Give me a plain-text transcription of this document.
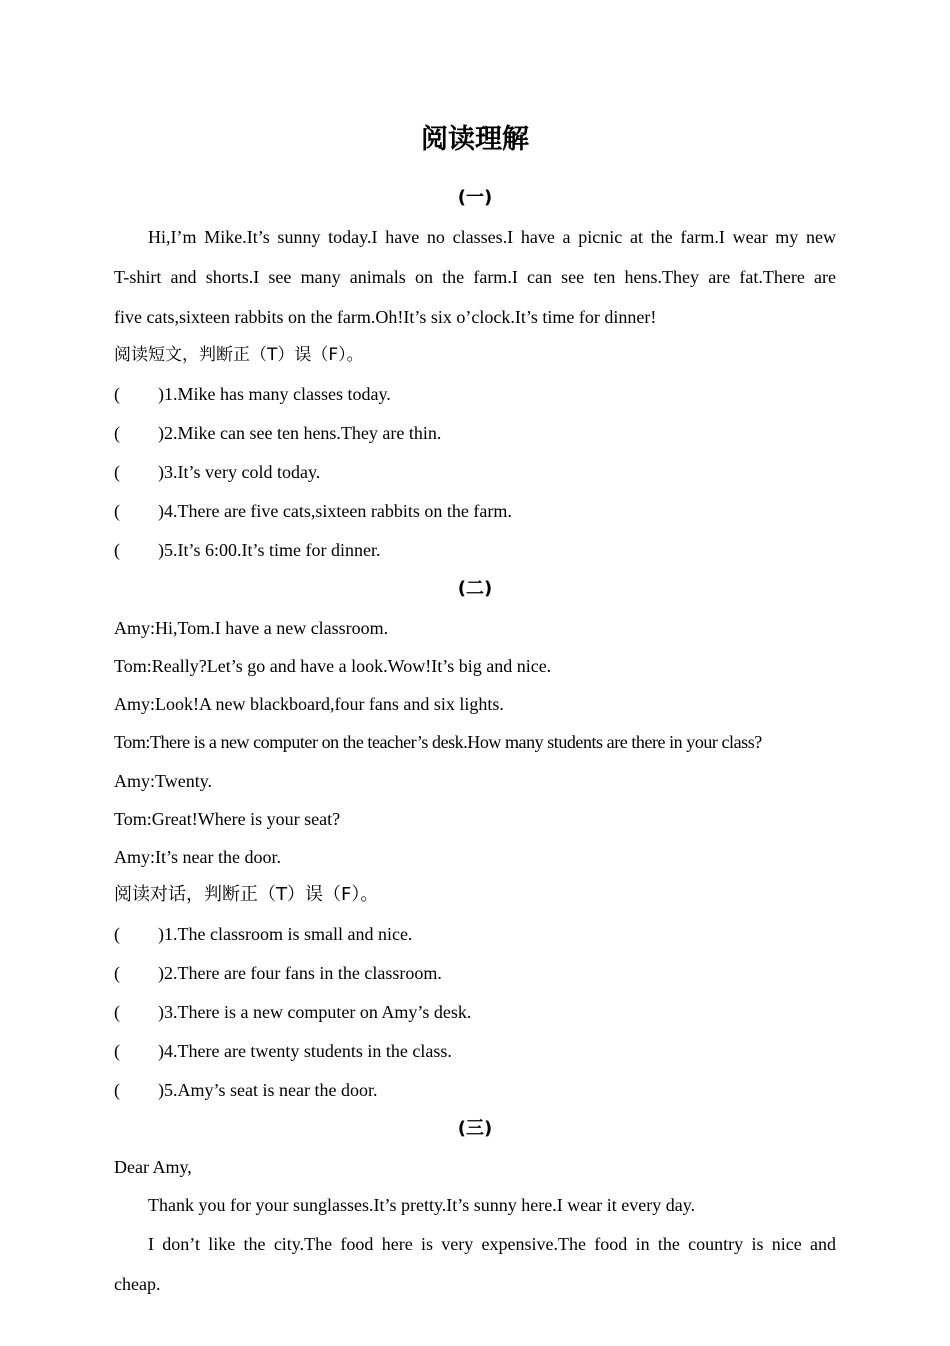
阅读理解
(一)
Hi,I’m Mike.It’s sunny today.I have no classes.I have a picnic at the farm.I wear my new
T-shirt and shorts.I see many animals on the farm.I can see ten hens.They are fat.There are
five cats,sixteen rabbits on the farm.Oh!It’s six o’clock.It’s time for dinner!
阅读短文，判断正（T）误（F）。
( )1.Mike has many classes today.
( )2.Mike can see ten hens.They are thin.
( )3.It’s very cold today.
( )4.There are five cats,sixteen rabbits on the farm.
( )5.It’s 6:00.It’s time for dinner.
(二)
Amy:Hi,Tom.I have a new classroom.
Tom:Really?Let’s go and have a look.Wow!It’s big and nice.
Amy:Look!A new blackboard,four fans and six lights.
Tom:There is a new computer on the teacher’s desk.How many students are there in your class?
Amy:Twenty.
Tom:Great!Where is your seat?
Amy:It’s near the door.
阅读对话，判断正（T）误（F）。
( )1.The classroom is small and nice.
( )2.There are four fans in the classroom.
( )3.There is a new computer on Amy’s desk.
( )4.There are twenty students in the class.
( )5.Amy’s seat is near the door.
(三)
Dear Amy,
Thank you for your sunglasses.It’s pretty.It’s sunny here.I wear it every day.
I don’t like the city.The food here is very expensive.The food in the country is nice and
cheap.
